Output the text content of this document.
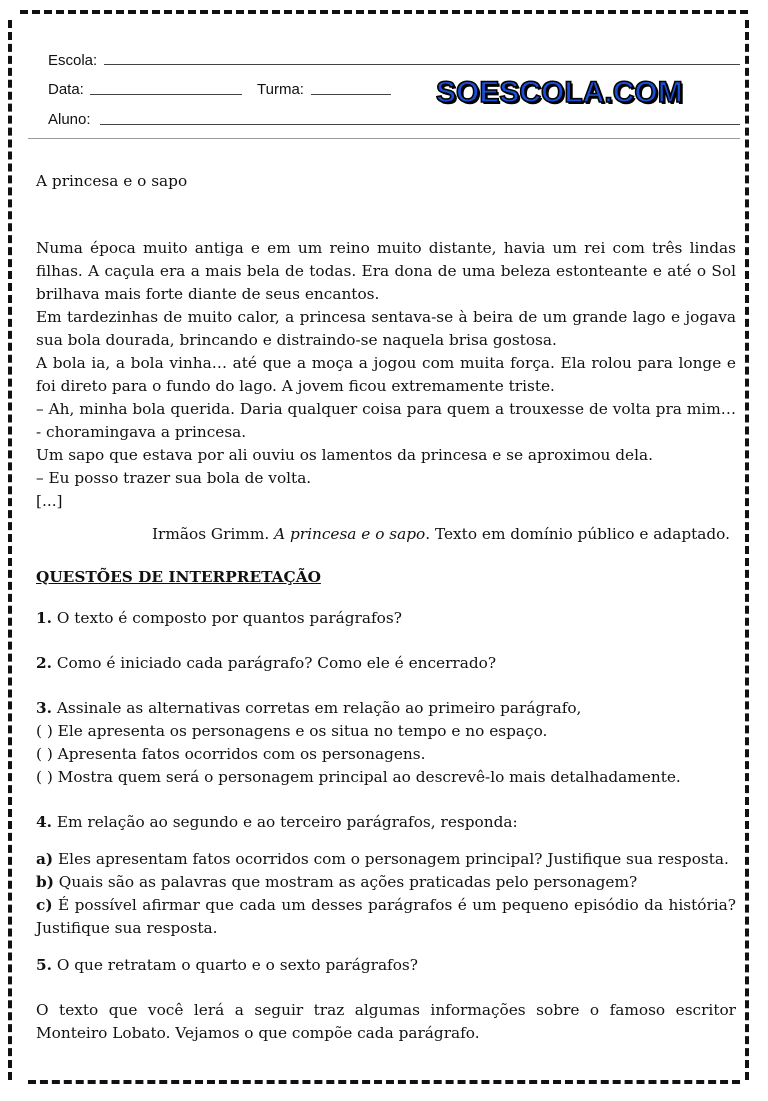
Escola:
Data:	Turma:	SOESCOLA.COM
Aluno:

A princesa e o sapo

Numa época muito antiga e em um reino muito distante, havia um rei com três lindas filhas. A caçula era a mais bela de todas. Era dona de uma beleza estonteante e até o Sol brilhava mais forte diante de seus encantos.

Em tardezinhas de muito calor, a princesa sentava-se à beira de um grande lago e jogava sua bola dourada, brincando e distraindo-se naquela brisa gostosa.

A bola ia, a bola vinha… até que a moça a jogou com muita força. Ela rolou para longe e foi direto para o fundo do lago. A jovem ficou extremamente triste.

– Ah, minha bola querida. Daria qualquer coisa para quem a trouxesse de volta pra mim… - choramingava a princesa.

Um sapo que estava por ali ouviu os lamentos da princesa e se aproximou dela.

– Eu posso trazer sua bola de volta.

[...]

Irmãos Grimm. A princesa e o sapo. Texto em domínio público e adaptado.

QUESTÕES DE INTERPRETAÇÃO

1. O texto é composto por quantos parágrafos?

2. Como é iniciado cada parágrafo? Como ele é encerrado?

3. Assinale as alternativas corretas em relação ao primeiro parágrafo,

( ) Ele apresenta os personagens e os situa no tempo e no espaço.

( ) Apresenta fatos ocorridos com os personagens.

( ) Mostra quem será o personagem principal ao descrevê-lo mais detalhadamente.

4. Em relação ao segundo e ao terceiro parágrafos, responda:

a) Eles apresentam fatos ocorridos com o personagem principal? Justifique sua resposta.

b) Quais são as palavras que mostram as ações praticadas pelo personagem?

c) É possível afirmar que cada um desses parágrafos é um pequeno episódio da história? Justifique sua resposta.

5. O que retratam o quarto e o sexto parágrafos?

O texto que você lerá a seguir traz algumas informações sobre o famoso escritor Monteiro Lobato. Vejamos o que compõe cada parágrafo.
